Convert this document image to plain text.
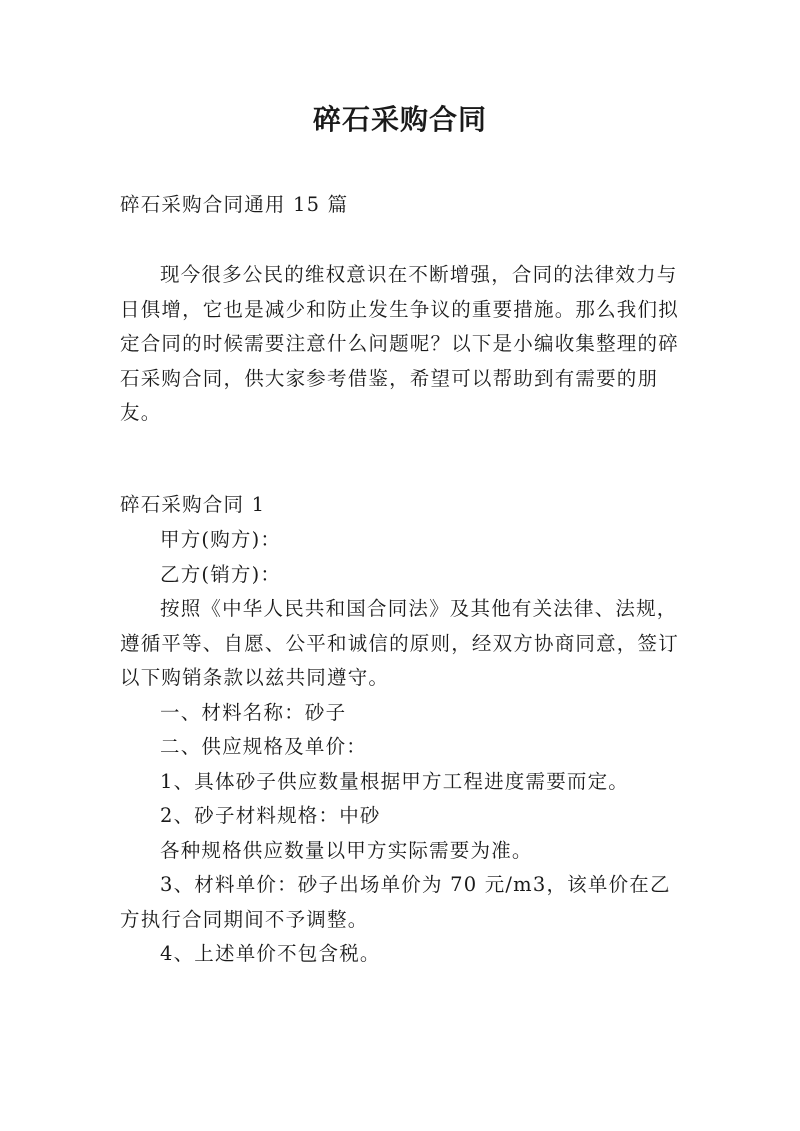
碎石采购合同
碎石采购合同通用 15 篇
现今很多公民的维权意识在不断增强，合同的法律效力与日俱增，它也是减少和防止发生争议的重要措施。那么我们拟定合同的时候需要注意什么问题呢？以下是小编收集整理的碎石采购合同，供大家参考借鉴，希望可以帮助到有需要的朋友。
碎石采购合同 1

甲方(购方)：

乙方(销方)：

按照《中华人民共和国合同法》及其他有关法律、法规，遵循平等、自愿、公平和诚信的原则，经双方协商同意，签订以下购销条款以兹共同遵守。

一、材料名称：砂子

二、供应规格及单价：

1、具体砂子供应数量根据甲方工程进度需要而定。

2、砂子材料规格：中砂

各种规格供应数量以甲方实际需要为准。

3、材料单价：砂子出场单价为 70 元/m3，该单价在乙方执行合同期间不予调整。

4、上述单价不包含税。
